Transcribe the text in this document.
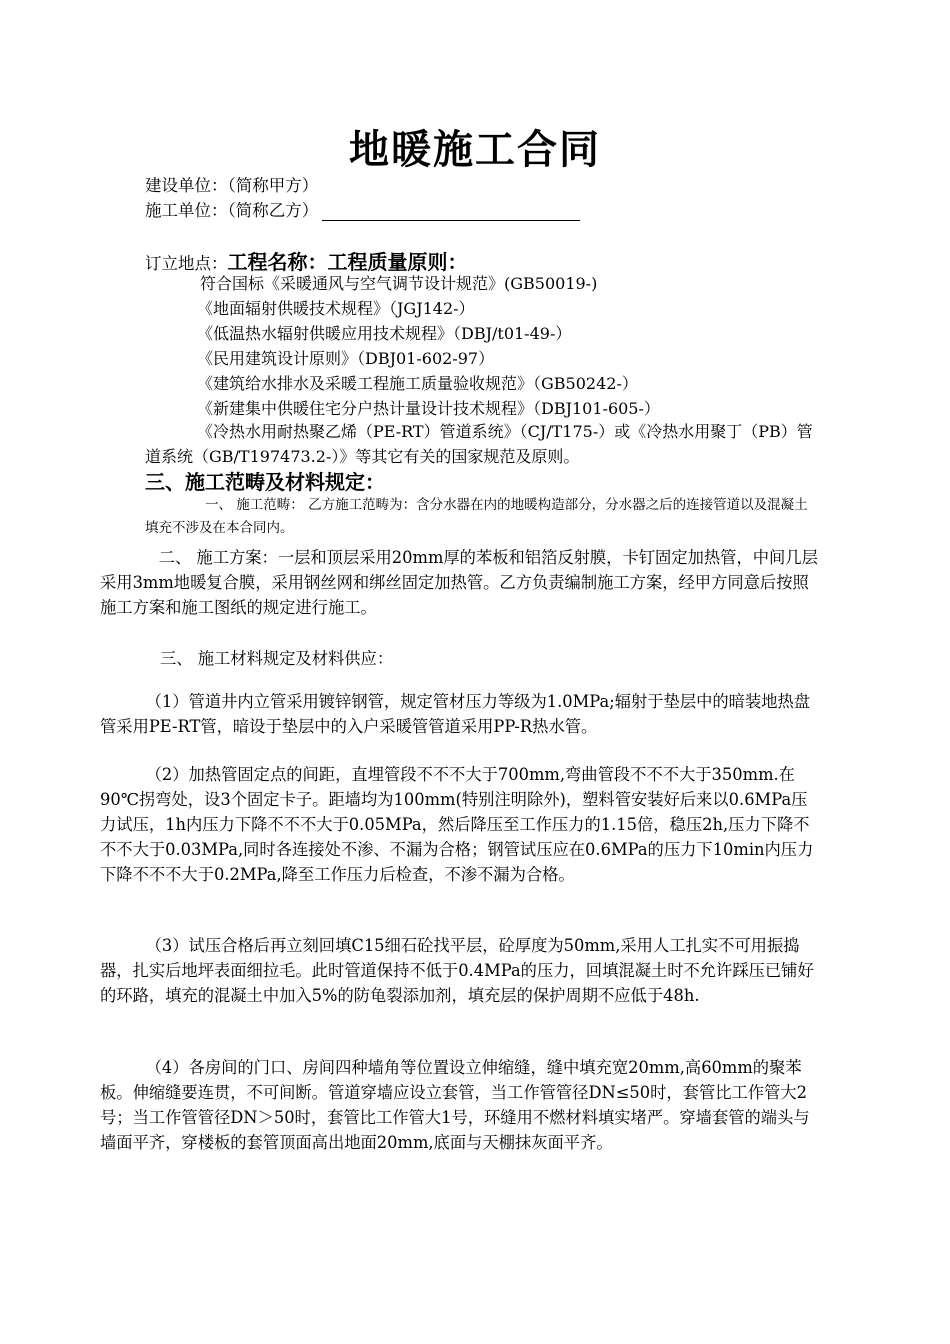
地暖施工合同
建设单位：（简称甲方）
施工单位：（简称乙方）
订立地点：工程名称：工程质量原则：
符合国标《采暖通风与空气调节设计规范》(GB50019-)
《地面辐射供暖技术规程》（JGJ142-）
《低温热水辐射供暖应用技术规程》（DBJ/t01-49-）
《民用建筑设计原则》（DBJ01-602-97）
《建筑给水排水及采暖工程施工质量验收规范》（GB50242-）
《新建集中供暖住宅分户热计量设计技术规程》（DBJ101-605-）
《冷热水用耐热聚乙烯（PE-RT）管道系统》（CJ/T175-）或《冷热水用聚丁（PB）管道系统（GB/T197473.2-）》等其它有关的国家规范及原则。
三、施工范畴及材料规定：
一、 施工范畴： 乙方施工范畴为：含分水器在内的地暖构造部分，分水器之后的连接管道以及混凝土填充不涉及在本合同内。
二、 施工方案：一层和顶层采用20mm厚的苯板和铝箔反射膜，卡钉固定加热管，中间几层采用3mm地暖复合膜，采用钢丝网和绑丝固定加热管。乙方负责编制施工方案，经甲方同意后按照施工方案和施工图纸的规定进行施工。
三、 施工材料规定及材料供应：
（1）管道井内立管采用镀锌钢管，规定管材压力等级为1.0MPa;辐射于垫层中的暗装地热盘管采用PE-RT管，暗设于垫层中的入户采暖管管道采用PP-R热水管。
（2）加热管固定点的间距，直埋管段不不不大于700mm,弯曲管段不不不大于350mm.在90℃拐弯处，设3个固定卡子。距墙均为100mm(特别注明除外)，塑料管安装好后来以0.6MPa压力试压，1h内压力下降不不不大于0.05MPa，然后降压至工作压力的1.15倍，稳压2h,压力下降不不不大于0.03MPa,同时各连接处不渗、不漏为合格；钢管试压应在0.6MPa的压力下10min内压力下降不不不大于0.2MPa,降至工作压力后检查，不渗不漏为合格。
（3）试压合格后再立刻回填C15细石砼找平层，砼厚度为50mm,采用人工扎实不可用振捣器，扎实后地坪表面细拉毛。此时管道保持不低于0.4MPa的压力，回填混凝土时不允许踩压已铺好的环路，填充的混凝土中加入5%的防龟裂添加剂，填充层的保护周期不应低于48h.
（4）各房间的门口、房间四种墙角等位置设立伸缩缝，缝中填充宽20mm,高60mm的聚苯板。伸缩缝要连贯，不可间断。管道穿墙应设立套管，当工作管管径DN≤50时，套管比工作管大2号；当工作管管径DN＞50时，套管比工作管大1号，环缝用不燃材料填实堵严。穿墙套管的端头与墙面平齐，穿楼板的套管顶面高出地面20mm,底面与天棚抹灰面平齐。
